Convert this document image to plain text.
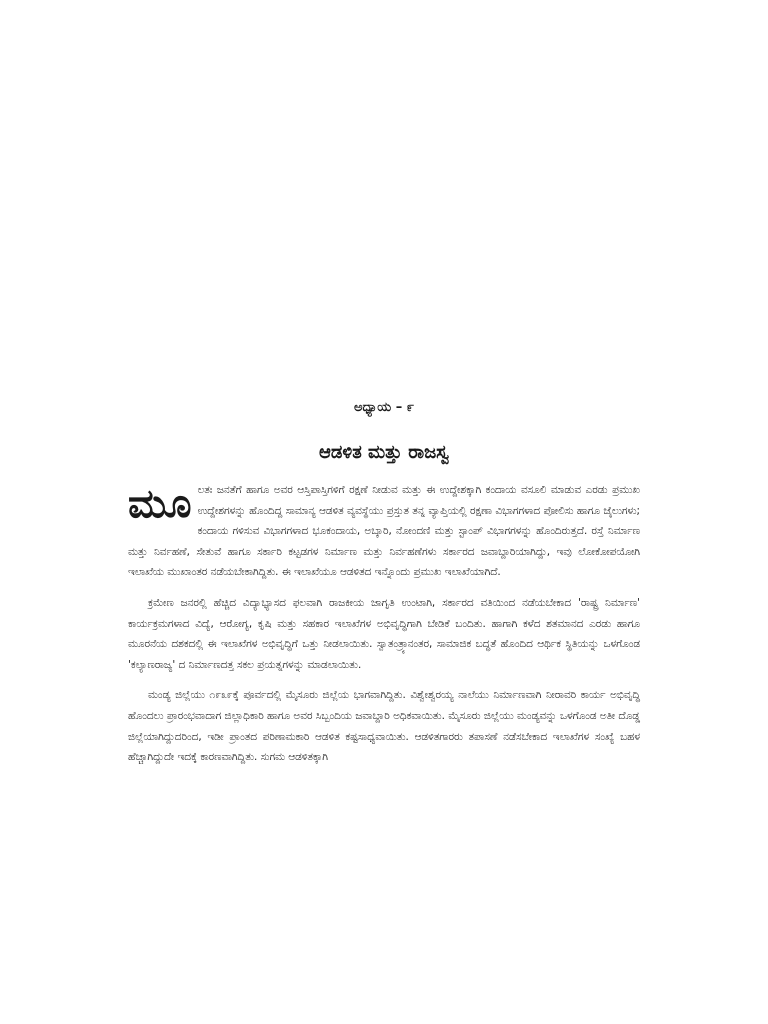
ಅಧ್ಯಾಯ – ೯
ಆಡಳಿತ ಮತ್ತು ರಾಜಸ್ವ

ಮೂ ಲತಃ ಜನತೆಗೆ ಹಾಗೂ ಅವರ ಆಸ್ತಿಪಾಸ್ತಿಗಳಿಗೆ ರಕ್ಷಣೆ ನೀಡುವ ಮತ್ತು ಈ ಉದ್ದೇಶಕ್ಕಾಗಿ ಕಂದಾಯ ವಸೂಲಿ ಮಾಡುವ ಎರಡು ಪ್ರಮುಖ ಉದ್ದೇಶಗಳನ್ನು ಹೊಂದಿದ್ದ ಸಾಮಾನ್ಯ ಆಡಳಿತ ವ್ಯವಸ್ಥೆಯು ಪ್ರಸ್ತುತ ತನ್ನ ವ್ಯಾಪ್ತಿಯಲ್ಲಿ ರಕ್ಷಣಾ ವಿಭಾಗಗಳಾದ ಪೋಲಿಸು ಹಾಗೂ ಜೈಲುಗಳು; ಕಂದಾಯ ಗಳಿಸುವ ವಿಭಾಗಗಳಾದ ಭೂಕಂದಾಯ, ಅಬ್ಕಾರಿ, ನೋಂದಣಿ ಮತ್ತು ಸ್ಟಾಂಪ್ ವಿಭಾಗಗಳನ್ನು ಹೊಂದಿರುತ್ತದೆ. ರಸ್ತೆ ನಿರ್ಮಾಣ ಮತ್ತು ನಿರ್ವಹಣೆ, ಸೇತುವೆ ಹಾಗೂ ಸರ್ಕಾರಿ ಕಟ್ಟಡಗಳ ನಿರ್ಮಾಣ ಮತ್ತು ನಿರ್ವಹಣೆಗಳು ಸರ್ಕಾರದ ಜವಾಬ್ದಾರಿಯಾಗಿದ್ದು, ಇವು ಲೋಕೋಪಯೋಗಿ ಇಲಾಖೆಯ ಮುಖಾಂತರ ನಡೆಯಬೇಕಾಗಿದ್ದಿತು. ಈ ಇಲಾಖೆಯೂ ಆಡಳಿತದ ಇನ್ನೊಂದು ಪ್ರಮುಖ ಇಲಾಖೆಯಾಗಿದೆ.

ಕ್ರಮೇಣ ಜನರಲ್ಲಿ ಹೆಚ್ಚಿದ ವಿದ್ಯಾಭ್ಯಾಸದ ಫಲವಾಗಿ ರಾಜಕೀಯ ಜಾಗೃತಿ ಉಂಟಾಗಿ, ಸರ್ಕಾರದ ವತಿಯಿಂದ ನಡೆಯಬೇಕಾದ 'ರಾಷ್ಟ್ರ ನಿರ್ಮಾಣ' ಕಾರ್ಯಕ್ರಮಗಳಾದ ವಿದ್ಯೆ, ಆರೋಗ್ಯ, ಕೃಷಿ ಮತ್ತು ಸಹಕಾರ ಇಲಾಖೆಗಳ ಅಭಿವೃದ್ಧಿಗಾಗಿ ಬೇಡಿಕೆ ಬಂದಿತು. ಹಾಗಾಗಿ ಕಳೆದ ಶತಮಾನದ ಎರಡು ಹಾಗೂ ಮೂರನೆಯ ದಶಕದಲ್ಲಿ ಈ ಇಲಾಖೆಗಳ ಅಭಿವೃದ್ಧಿಗೆ ಒತ್ತು ನೀಡಲಾಯಿತು. ಸ್ವಾತಂತ್ರ್ಯಾನಂತರ, ಸಾಮಾಜಿಕ ಬದ್ಧತೆ ಹೊಂದಿದ ಆರ್ಥಿಕ ಸ್ಥಿತಿಯನ್ನು ಒಳಗೊಂಡ 'ಕಲ್ಯಾಣರಾಜ್ಯ' ದ ನಿರ್ಮಾಣದತ್ತ ಸಕಲ ಪ್ರಯತ್ನಗಳನ್ನು ಮಾಡಲಾಯಿತು.

ಮಂಡ್ಯ ಜಿಲ್ಲೆಯು ೧೯೩೯ಕ್ಕೆ ಪೂರ್ವದಲ್ಲಿ ಮೈಸೂರು ಜಿಲ್ಲೆಯ ಭಾಗವಾಗಿದ್ದಿತು. ವಿಶ್ವೇಶ್ವರಯ್ಯ ನಾಲೆಯು ನಿರ್ಮಾಣವಾಗಿ ನೀರಾವರಿ ಕಾರ್ಯ ಅಭಿವೃದ್ಧಿ ಹೊಂದಲು ಪ್ರಾರಂಭವಾದಾಗ ಜಿಲ್ಲಾಧಿಕಾರಿ ಹಾಗೂ ಅವರ ಸಿಬ್ಬಂದಿಯ ಜವಾಬ್ದಾರಿ ಅಧಿಕವಾಯಿತು. ಮೈಸೂರು ಜಿಲ್ಲೆಯು ಮಂಡ್ಯವನ್ನು ಒಳಗೊಂಡ ಅತೀ ದೊಡ್ಡ ಜಿಲ್ಲೆಯಾಗಿದ್ದುದರಿಂದ, ಇಡೀ ಪ್ರಾಂತದ ಪರಿಣಾಮಕಾರಿ ಆಡಳಿತ ಕಷ್ಟಸಾಧ್ಯವಾಯಿತು. ಆಡಳಿತಗಾರರು ತಪಾಸಣೆ ನಡೆಸಬೇಕಾದ ಇಲಾಖೆಗಳ ಸಂಖ್ಯೆ ಬಹಳ ಹೆಚ್ಚಾಗಿದ್ದುದೇ ಇದಕ್ಕೆ ಕಾರಣವಾಗಿದ್ದಿತು. ಸುಗಮ ಆಡಳಿತಕ್ಕಾಗಿ
